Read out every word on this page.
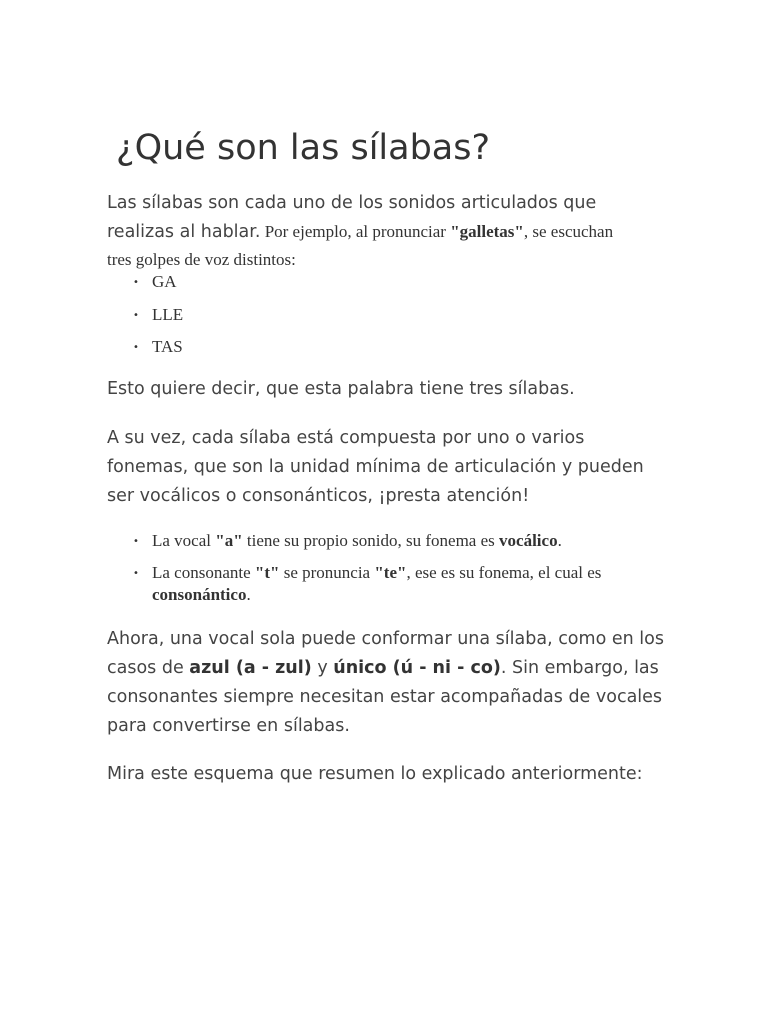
¿Qué son las sílabas?

Las sílabas son cada uno de los sonidos articulados que realizas al hablar. Por ejemplo, al pronunciar "galletas", se escuchan

tres golpes de voz distintos:

• GA
• LLE
• TAS

Esto quiere decir, que esta palabra tiene tres sílabas.

A su vez, cada sílaba está compuesta por uno o varios fonemas, que son la unidad mínima de articulación y pueden ser vocálicos o consonánticos, ¡presta atención!

• La vocal "a" tiene su propio sonido, su fonema es vocálico.
• La consonante "t" se pronuncia "te", ese es su fonema, el cual es consonántico.

Ahora, una vocal sola puede conformar una sílaba, como en los casos de azul (a - zul) y único (ú - ni - co). Sin embargo, las consonantes siempre necesitan estar acompañadas de vocales para convertirse en sílabas.

Mira este esquema que resumen lo explicado anteriormente:
